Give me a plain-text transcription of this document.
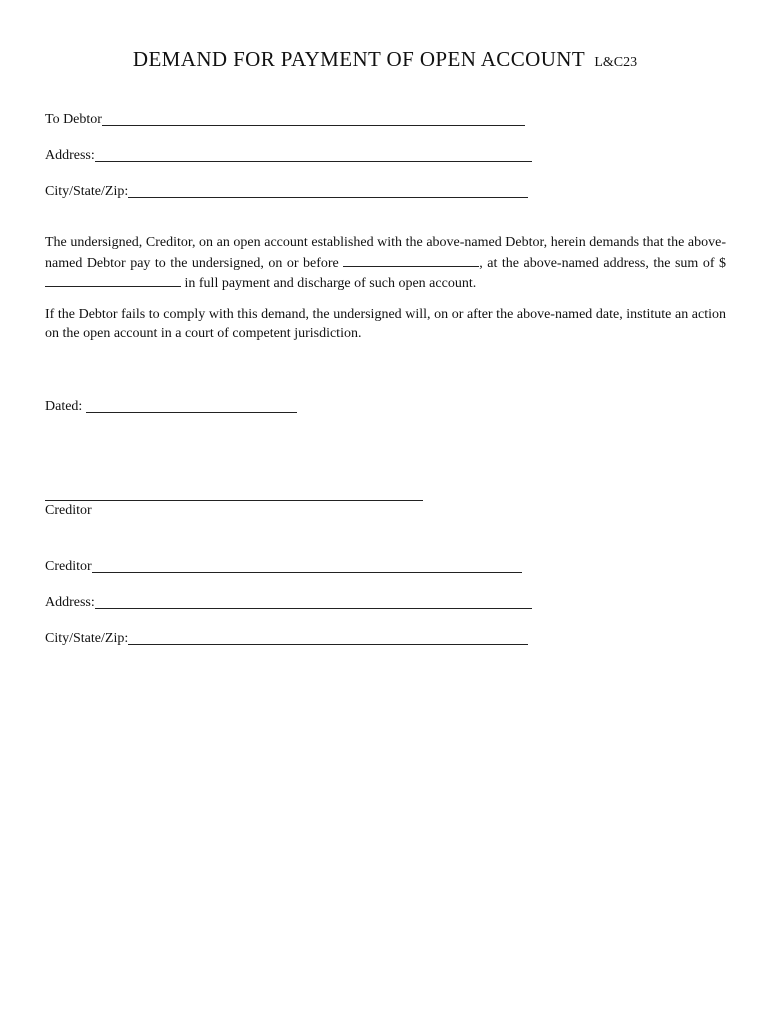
DEMAND FOR PAYMENT OF OPEN ACCOUNT L&C23
To Debtor
Address:
City/State/Zip:
The undersigned, Creditor, on an open account established with the above-named Debtor, herein demands that the above-named Debtor pay to the undersigned, on or before	, at the above-named address, the sum of $ in full payment and discharge of such open account.
If the Debtor fails to comply with this demand, the undersigned will, on or after the above-named date, institute an action on the open account in a court of competent jurisdiction.
Dated:
Creditor
Creditor
Address:
City/State/Zip:
